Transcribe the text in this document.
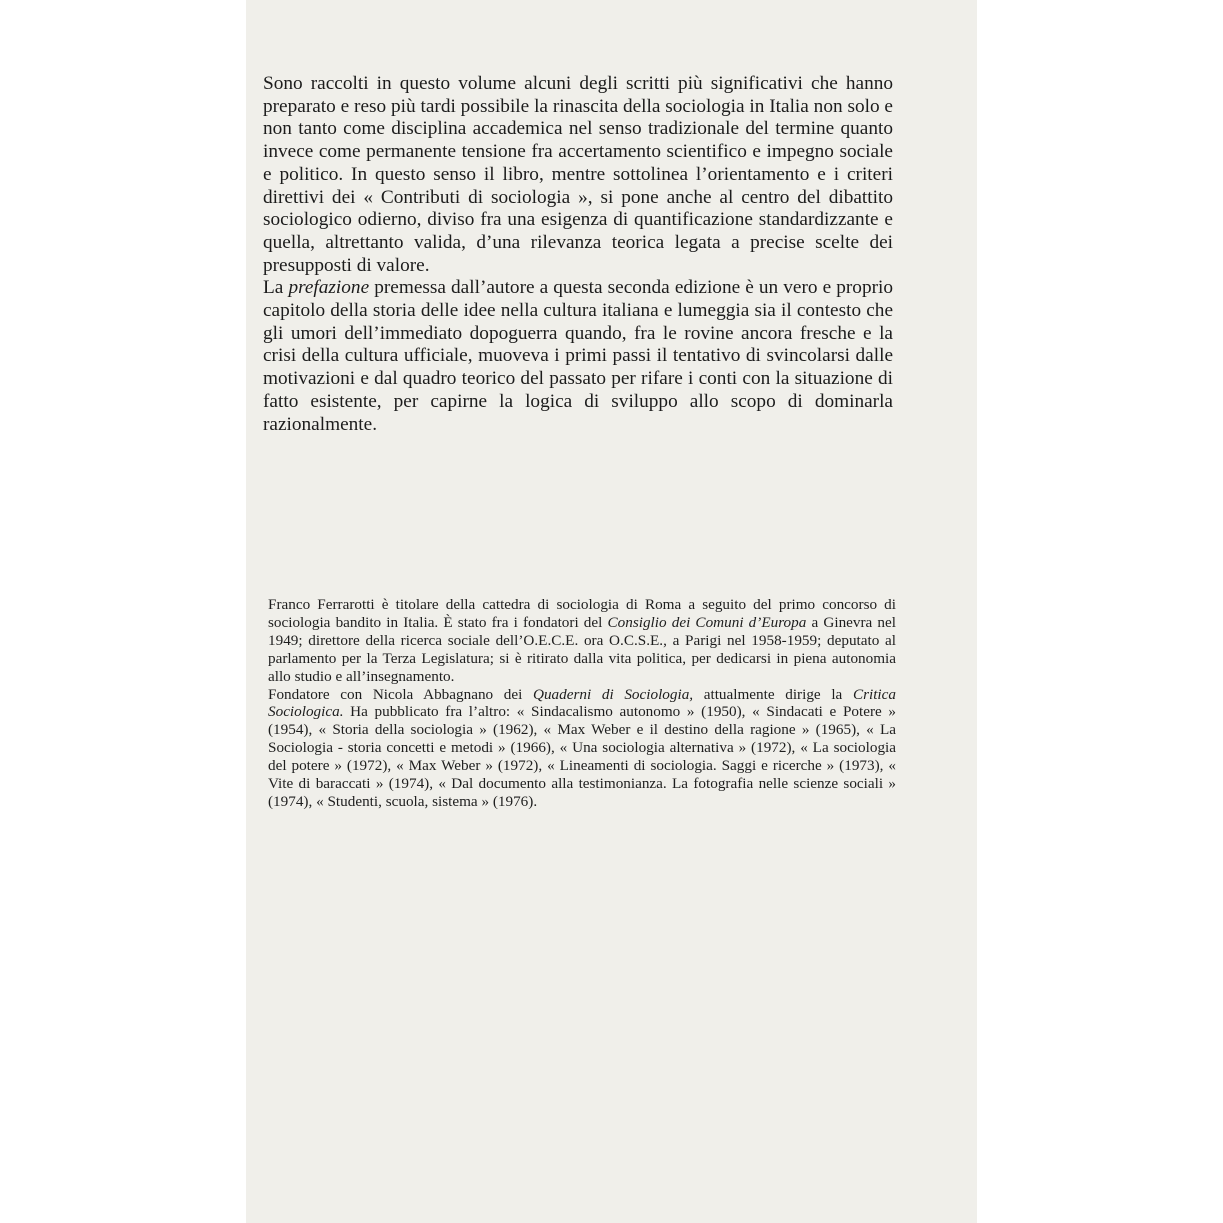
Sono raccolti in questo volume alcuni degli scritti più significativi che hanno preparato e reso più tardi possibile la rinascita della sociologia in Italia non solo e non tanto come disciplina accademica nel senso tradizionale del termine quanto invece come permanente tensione fra accertamento scientifico e impegno sociale e politico. In questo senso il libro, mentre sottolinea l’orientamento e i criteri direttivi dei « Contributi di sociologia », si pone anche al centro del dibattito sociologico odierno, diviso fra una esigenza di quantificazione standardizzante e quella, altrettanto valida, d’una rilevanza teorica legata a precise scelte dei presupposti di valore.

La prefazione premessa dall’autore a questa seconda edizione è un vero e proprio capitolo della storia delle idee nella cultura italiana e lumeggia sia il contesto che gli umori dell’immediato dopoguerra quando, fra le rovine ancora fresche e la crisi della cultura ufficiale, muoveva i primi passi il tentativo di svincolarsi dalle motivazioni e dal quadro teorico del passato per rifare i conti con la situazione di fatto esistente, per capirne la logica di sviluppo allo scopo di dominarla razionalmente.

Franco Ferrarotti è titolare della cattedra di sociologia di Roma a seguito del primo concorso di sociologia bandito in Italia. È stato fra i fondatori del Consiglio dei Comuni d’Europa a Ginevra nel 1949; direttore della ricerca sociale dell’O.E.C.E. ora O.C.S.E., a Parigi nel 1958-1959; deputato al parlamento per la Terza Legislatura; si è ritirato dalla vita politica, per dedicarsi in piena autonomia allo studio e all’insegnamento.

Fondatore con Nicola Abbagnano dei Quaderni di Sociologia, attualmente dirige la Critica Sociologica. Ha pubblicato fra l’altro: « Sindacalismo autonomo » (1950), « Sindacati e Potere » (1954), « Storia della sociologia » (1962), « Max Weber e il destino della ragione » (1965), « La Sociologia - storia concetti e metodi » (1966), « Una sociologia alternativa » (1972), « La sociologia del potere » (1972), « Max Weber » (1972), « Lineamenti di sociologia. Saggi e ricerche » (1973), « Vite di baraccati » (1974), « Dal documento alla testimonianza. La fotografia nelle scienze sociali » (1974), « Studenti, scuola, sistema » (1976).
